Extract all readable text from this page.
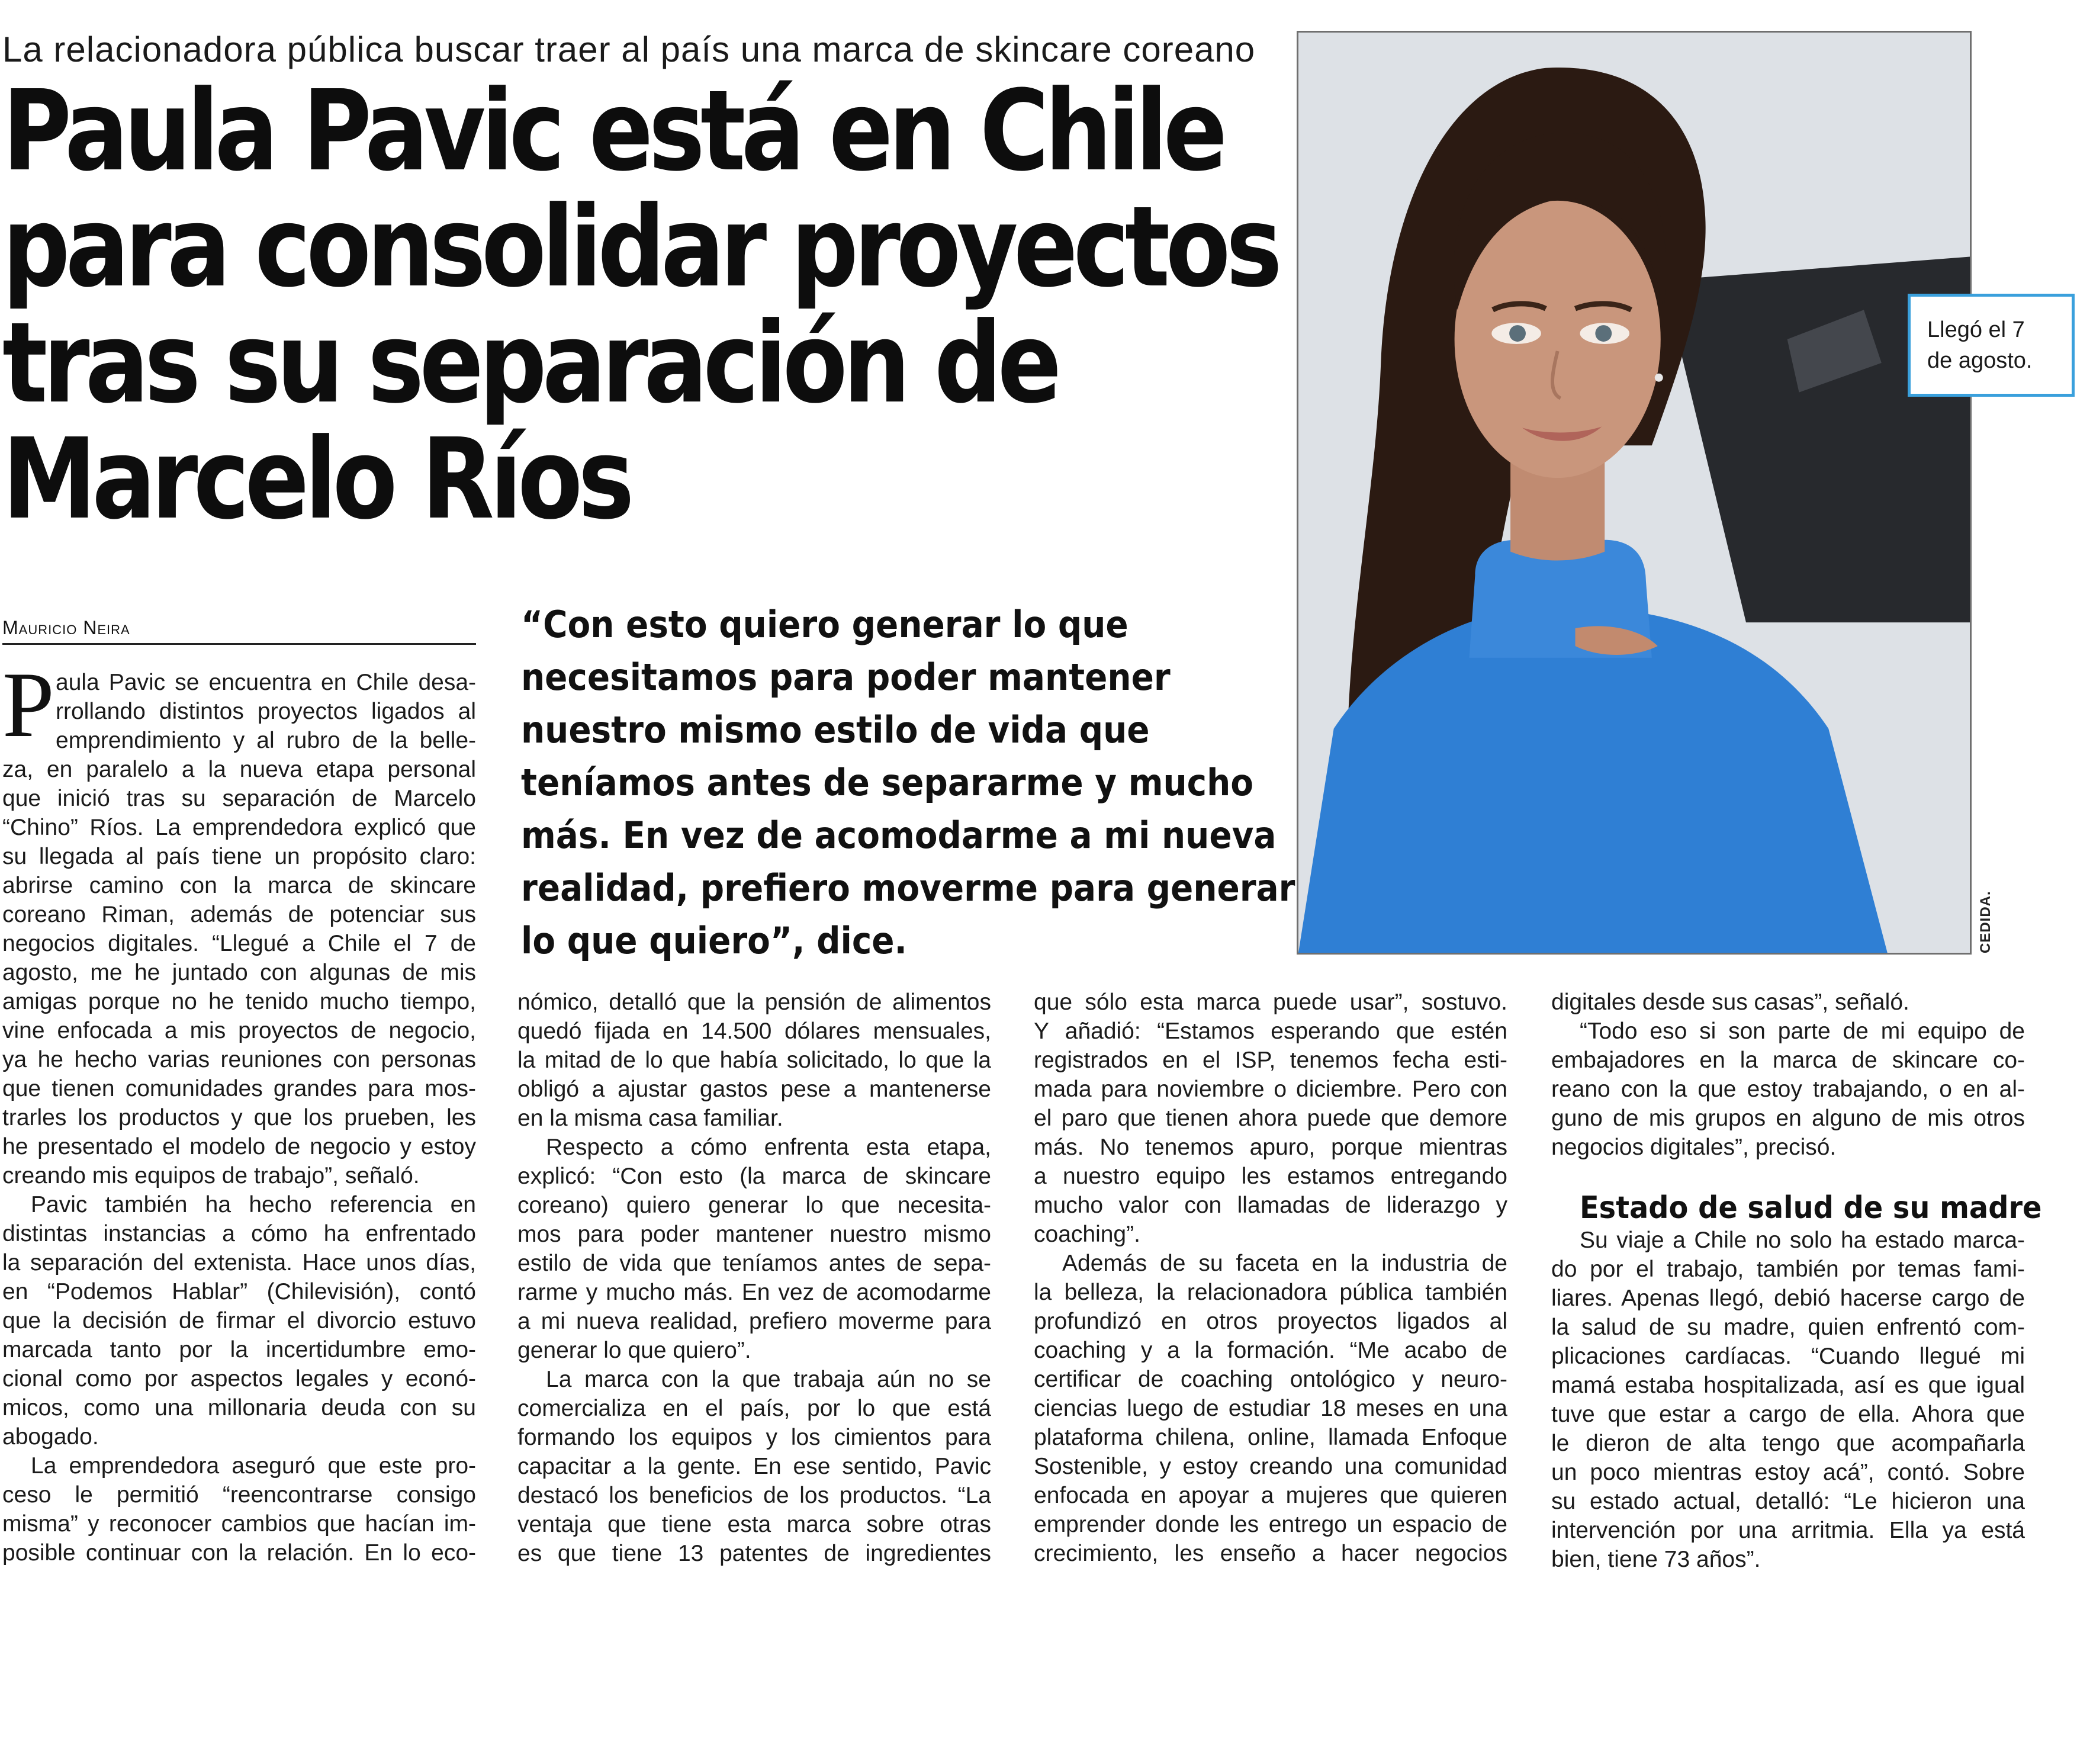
La relacionadora pública buscar traer al país una marca de skincare coreano
Paula Pavic está en Chile
para consolidar proyectos
tras su separación de
Marcelo Ríos
Mauricio Neira	“Con esto quiero generar lo que
necesitamos para poder mantener
nuestro mismo estilo de vida que
teníamos antes de separarme y mucho
más. En vez de acomodarme a mi nueva
realidad, prefiero moverme para generar
lo que quiero”, dice.	CEDIDA.
Llegó el 7
de agosto.
P aula Pavic se encuentra en Chile desa-
rrollando distintos proyectos ligados al
emprendimiento y al rubro de la belle-
za, en paralelo a la nueva etapa personal
que inició tras su separación de Marcelo
“Chino” Ríos. La emprendedora explicó que
su llegada al país tiene un propósito claro:
abrirse camino con la marca de skincare
coreano Riman, además de potenciar sus
negocios digitales. “Llegué a Chile el 7 de
agosto, me he juntado con algunas de mis
amigas porque no he tenido mucho tiempo,
vine enfocada a mis proyectos de negocio,
ya he hecho varias reuniones con personas
que tienen comunidades grandes para mos-
trarles los productos y que los prueben, les
he presentado el modelo de negocio y estoy
creando mis equipos de trabajo”, señaló.
Pavic también ha hecho referencia en
distintas instancias a cómo ha enfrentado
la separación del extenista. Hace unos días,
en “Podemos Hablar” (Chilevisión), contó
que la decisión de firmar el divorcio estuvo
marcada tanto por la incertidumbre emo-
cional como por aspectos legales y econó-
micos, como una millonaria deuda con su
abogado.
La emprendedora aseguró que este pro-
ceso le permitió “reencontrarse consigo
misma” y reconocer cambios que hacían im-
posible continuar con la relación. En lo eco-
nómico, detalló que la pensión de alimentos
quedó fijada en 14.500 dólares mensuales,
la mitad de lo que había solicitado, lo que la
obligó a ajustar gastos pese a mantenerse
en la misma casa familiar.
Respecto a cómo enfrenta esta etapa,
explicó: “Con esto (la marca de skincare
coreano) quiero generar lo que necesita-
mos para poder mantener nuestro mismo
estilo de vida que teníamos antes de sepa-
rarme y mucho más. En vez de acomodarme
a mi nueva realidad, prefiero moverme para
generar lo que quiero”.
La marca con la que trabaja aún no se
comercializa en el país, por lo que está
formando los equipos y los cimientos para
capacitar a la gente. En ese sentido, Pavic
destacó los beneficios de los productos. “La
ventaja que tiene esta marca sobre otras
es que tiene 13 patentes de ingredientes
que sólo esta marca puede usar”, sostuvo.
Y añadió: “Estamos esperando que estén
registrados en el ISP, tenemos fecha esti-
mada para noviembre o diciembre. Pero con
el paro que tienen ahora puede que demore
más. No tenemos apuro, porque mientras
a nuestro equipo les estamos entregando
mucho valor con llamadas de liderazgo y
coaching”.
Además de su faceta en la industria de
la belleza, la relacionadora pública también
profundizó en otros proyectos ligados al
coaching y a la formación. “Me acabo de
certificar de coaching ontológico y neuro-
ciencias luego de estudiar 18 meses en una
plataforma chilena, online, llamada Enfoque
Sostenible, y estoy creando una comunidad
enfocada en apoyar a mujeres que quieren
emprender donde les entrego un espacio de
crecimiento, les enseño a hacer negocios
digitales desde sus casas”, señaló.
“Todo eso si son parte de mi equipo de
embajadores en la marca de skincare co-
reano con la que estoy trabajando, o en al-
guno de mis grupos en alguno de mis otros
negocios digitales”, precisó.
Estado de salud de su madre
Su viaje a Chile no solo ha estado marca-
do por el trabajo, también por temas fami-
liares. Apenas llegó, debió hacerse cargo de
la salud de su madre, quien enfrentó com-
plicaciones cardíacas. “Cuando llegué mi
mamá estaba hospitalizada, así es que igual
tuve que estar a cargo de ella. Ahora que
le dieron de alta tengo que acompañarla
un poco mientras estoy acá”, contó. Sobre
su estado actual, detalló: “Le hicieron una
intervención por una arritmia. Ella ya está
bien, tiene 73 años”.
